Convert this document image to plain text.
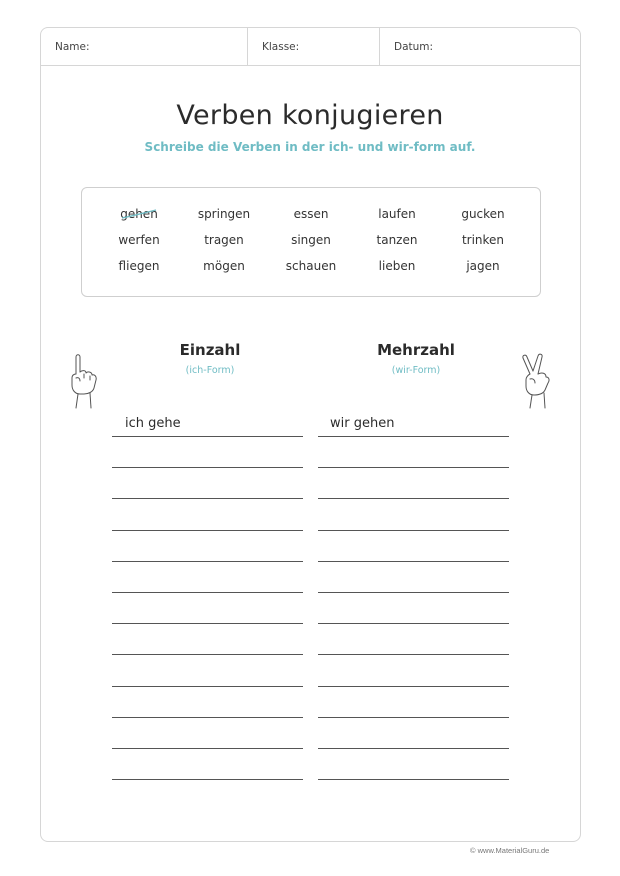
Name:	Klasse:	Datum:
Verben konjugieren
Schreibe die Verben in der ich- und wir-form auf.
gehen	springen	essen	laufen	gucken
werfen	tragen	singen	tanzen	trinken
fliegen	mögen	schauen	lieben	jagen
Einzahl
(ich-Form)
Mehrzahl
(wir-Form)
ich gehe	wir gehen
© www.MaterialGuru.de
